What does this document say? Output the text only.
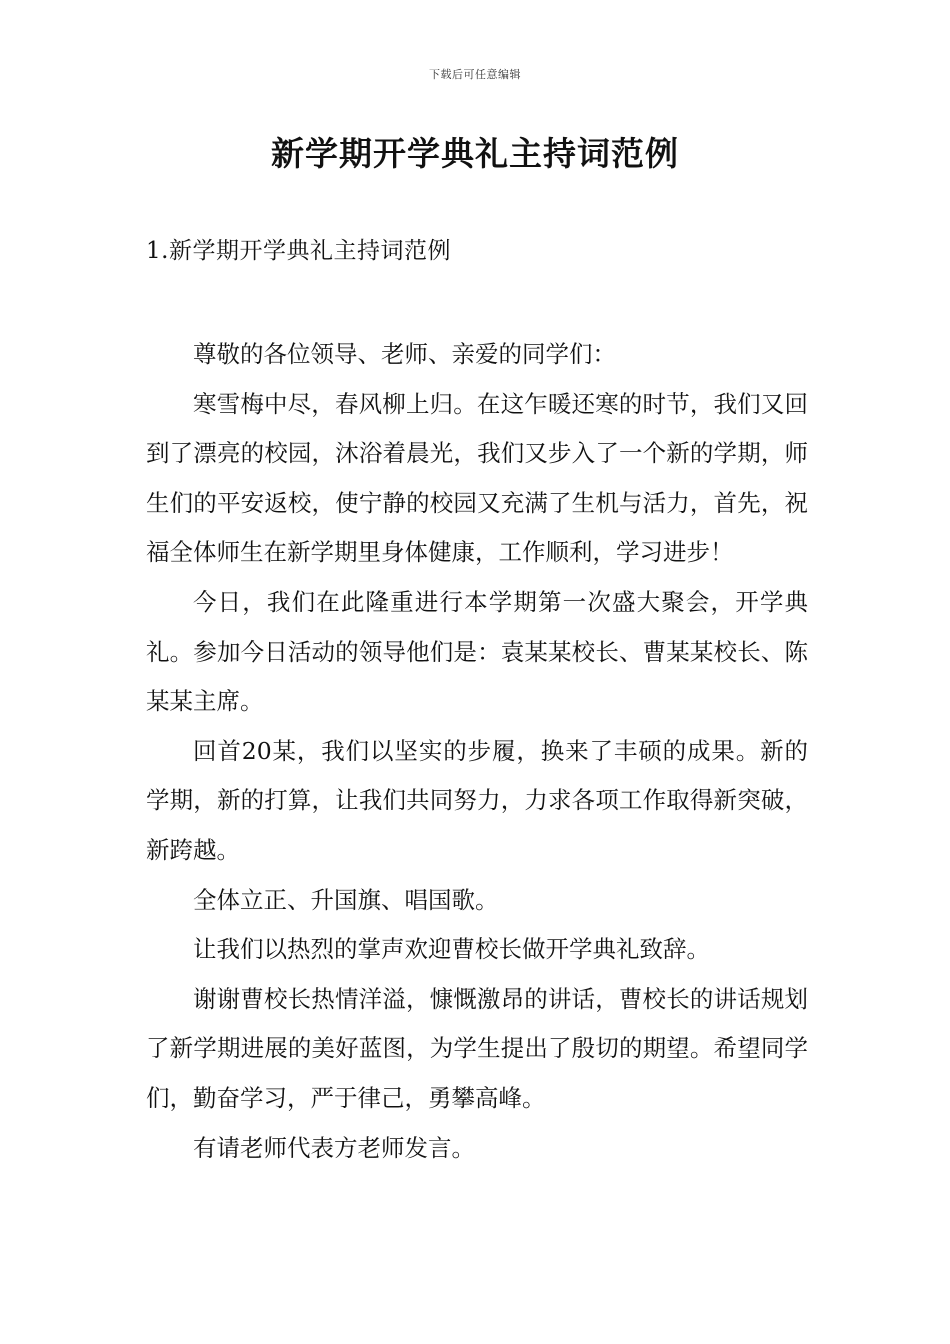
下载后可任意编辑
新学期开学典礼主持词范例
1.新学期开学典礼主持词范例

尊敬的各位领导、老师、亲爱的同学们：

寒雪梅中尽，春风柳上归。在这乍暖还寒的时节，我们又回到了漂亮的校园，沐浴着晨光，我们又步入了一个新的学期，师生们的平安返校，使宁静的校园又充满了生机与活力，首先，祝福全体师生在新学期里身体健康，工作顺利，学习进步！

今日，我们在此隆重进行本学期第一次盛大聚会，开学典礼。参加今日活动的领导他们是：袁某某校长、曹某某校长、陈某某主席。

回首20某，我们以坚实的步履，换来了丰硕的成果。新的学期，新的打算，让我们共同努力，力求各项工作取得新突破，新跨越。

全体立正、升国旗、唱国歌。

让我们以热烈的掌声欢迎曹校长做开学典礼致辞。

谢谢曹校长热情洋溢，慷慨激昂的讲话，曹校长的讲话规划了新学期进展的美好蓝图，为学生提出了殷切的期望。希望同学们，勤奋学习，严于律己，勇攀高峰。

有请老师代表方老师发言。
